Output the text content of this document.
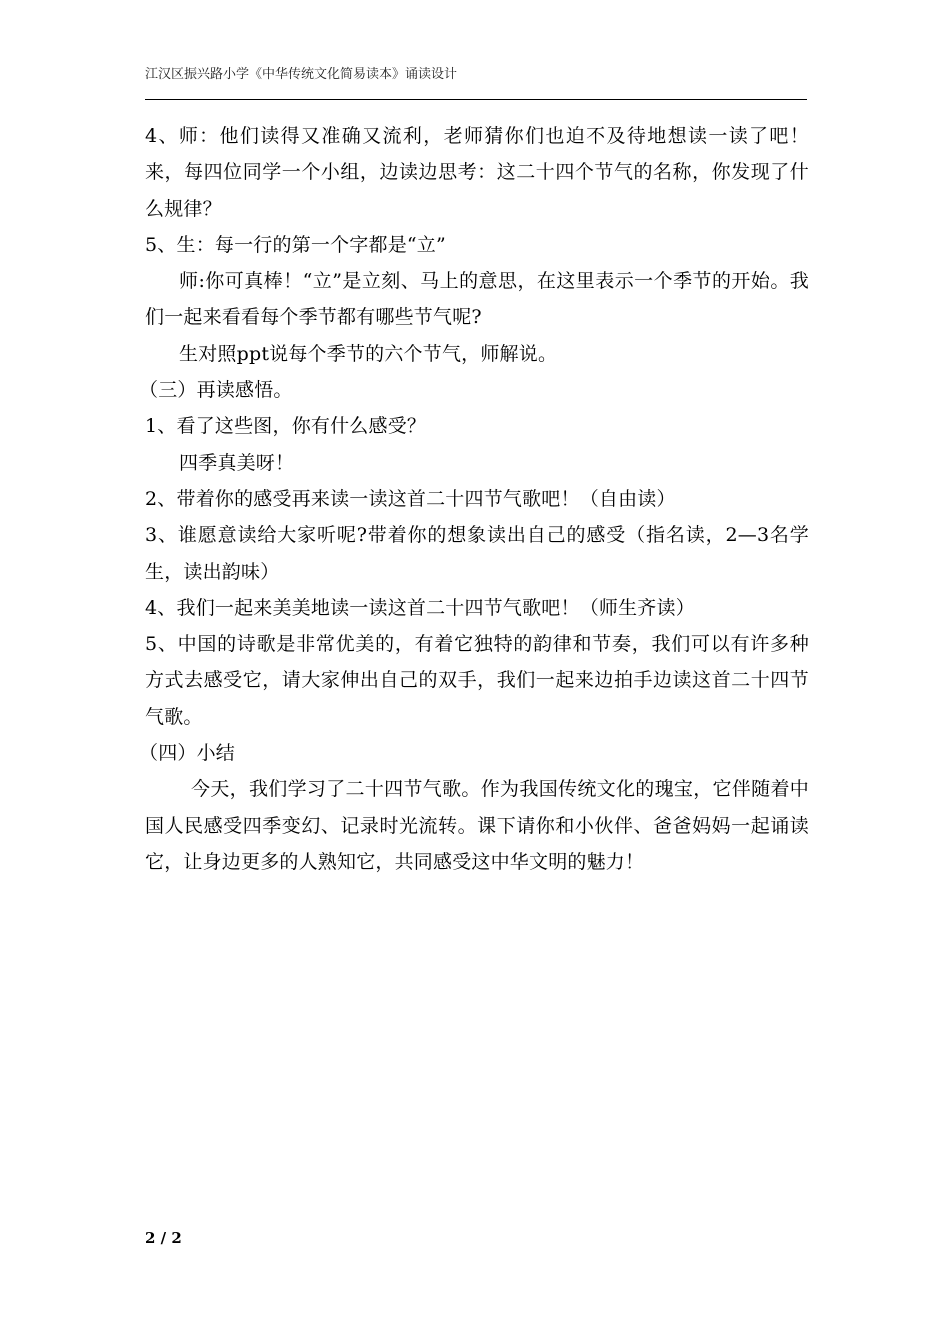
江汉区振兴路小学《中华传统文化简易读本》诵读设计

4、师：他们读得又准确又流利，老师猜你们也迫不及待地想读一读了吧！来，每四位同学一个小组，边读边思考：这二十四个节气的名称，你发现了什么规律？

5、生：每一行的第一个字都是“立”

师:你可真棒！“立”是立刻、马上的意思，在这里表示一个季节的开始。我们一起来看看每个季节都有哪些节气呢?

生对照ppt说每个季节的六个节气，师解说。

（三）再读感悟。

1、看了这些图，你有什么感受？

四季真美呀！

2、带着你的感受再来读一读这首二十四节气歌吧！（自由读）

3、谁愿意读给大家听呢?带着你的想象读出自己的感受（指名读，2—3名学生，读出韵味）

4、我们一起来美美地读一读这首二十四节气歌吧！（师生齐读）

5、中国的诗歌是非常优美的，有着它独特的韵律和节奏，我们可以有许多种方式去感受它，请大家伸出自己的双手，我们一起来边拍手边读这首二十四节气歌。

（四）小结

今天，我们学习了二十四节气歌。作为我国传统文化的瑰宝，它伴随着中国人民感受四季变幻、记录时光流转。课下请你和小伙伴、爸爸妈妈一起诵读它，让身边更多的人熟知它，共同感受这中华文明的魅力！

2 / 2
